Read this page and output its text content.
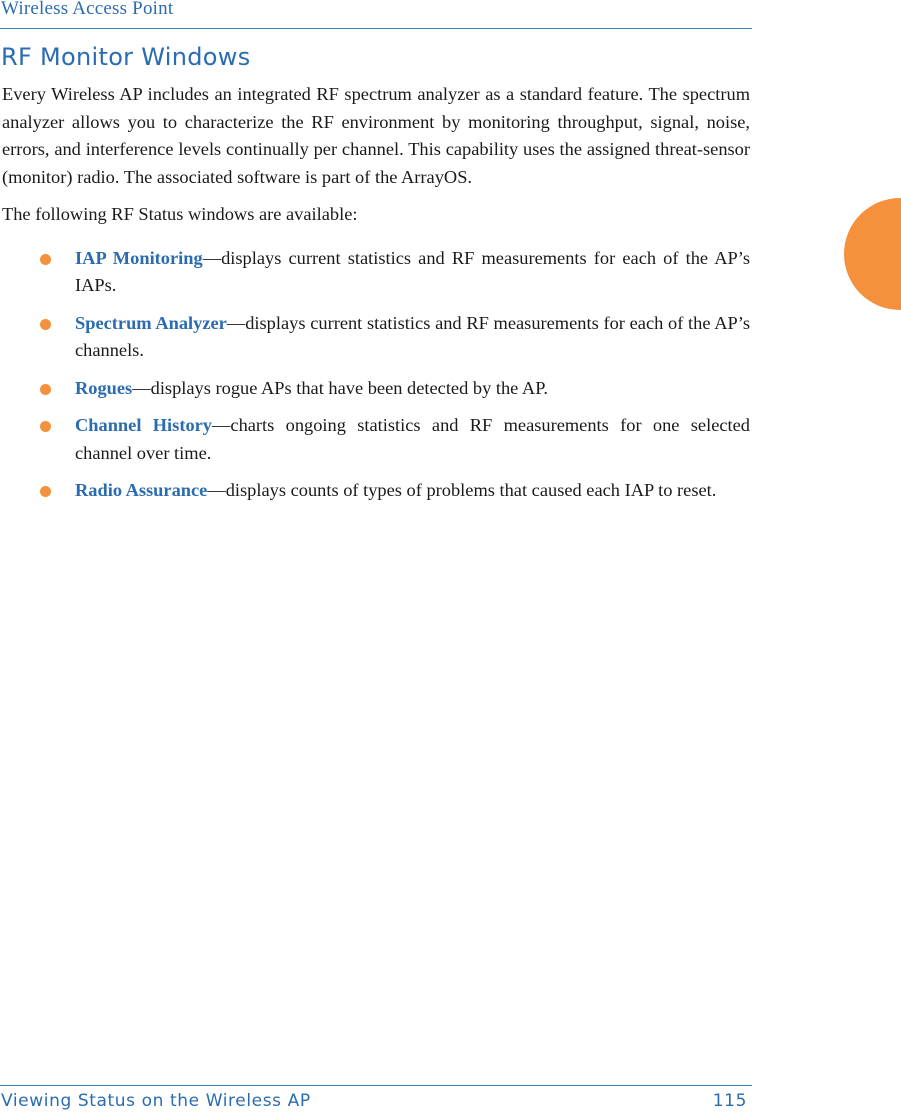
Wireless Access Point
RF Monitor Windows

Every Wireless AP includes an integrated RF spectrum analyzer as a standard feature. The spectrum analyzer allows you to characterize the RF environment by monitoring throughput, signal, noise, errors, and interference levels continually per channel. This capability uses the assigned threat-sensor (monitor) radio. The associated software is part of the ArrayOS.

The following RF Status windows are available:

IAP Monitoring—displays current statistics and RF measurements for each of the AP’s IAPs.
Spectrum Analyzer—displays current statistics and RF measurements for each of the AP’s channels.
Rogues—displays rogue APs that have been detected by the AP.
Channel History—charts ongoing statistics and RF measurements for one selected channel over time.
Radio Assurance—displays counts of types of problems that caused each IAP to reset.
Viewing Status on the Wireless AP	115
